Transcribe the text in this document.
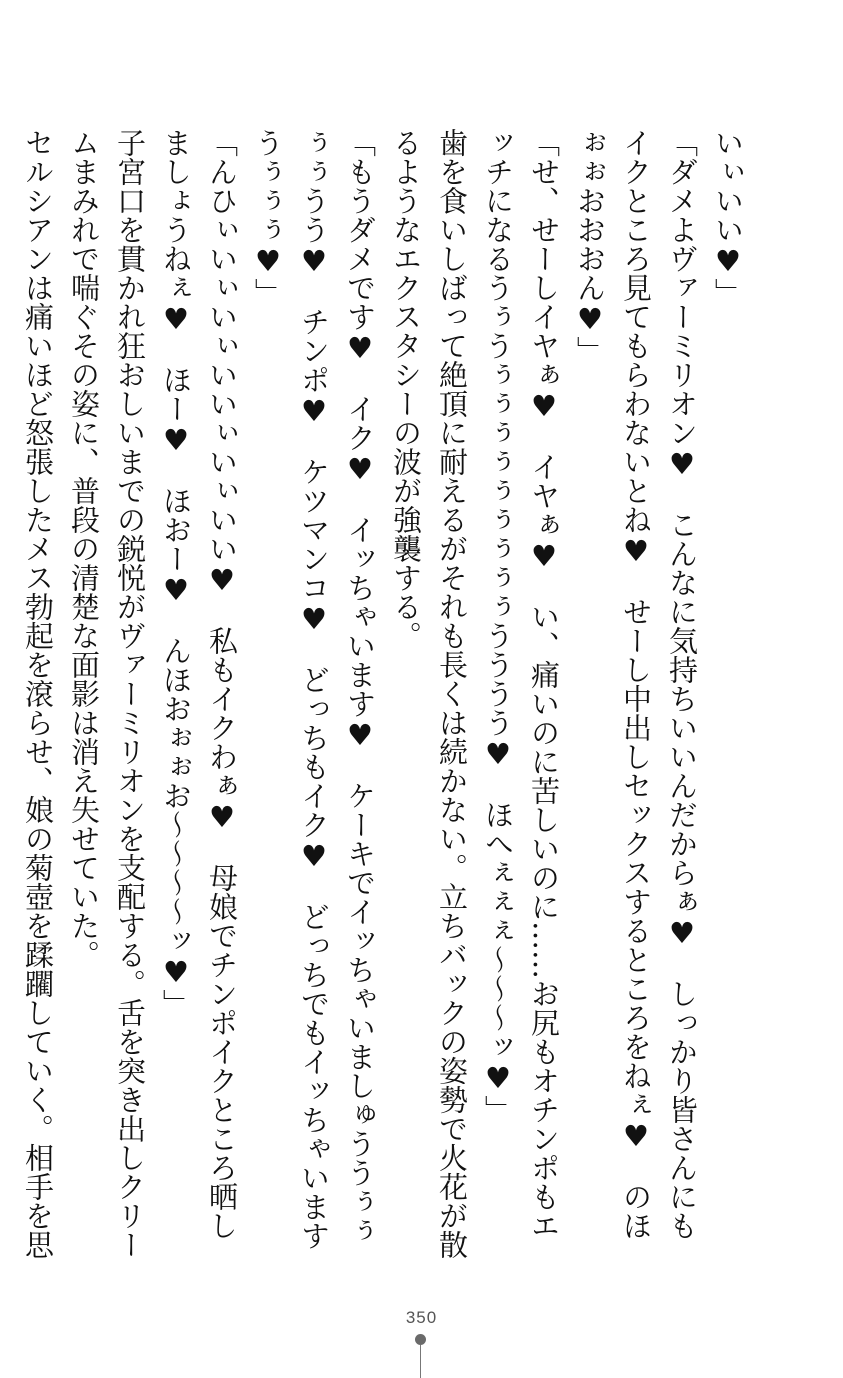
いぃいい♥」

「ダメよヴァーミリオン♥　こんなに気持ちいいんだからぁ♥　しっかり皆さんにもイクところ見てもらわないとね♥　せーし中出しセックスするところをねぇ♥　のほぉぉおおおん♥」

「せ、せーしイヤぁ♥　イヤぁ♥　い、痛いのに苦しいのに……お尻もオチンポもエッチになるうぅうぅぅぅぅぅぅぅぅぅうううう♥　ほへぇぇぇ～～～ッ♥」

歯を食いしばって絶頂に耐えるがそれも長くは続かない。立ちバックの姿勢で火花が散るようなエクスタシーの波が強襲する。

「もうダメです♥　イク♥　イッちゃいます♥　ケーキでイッちゃいましゅううぅぅぅぅうう♥　チンポ♥　ケツマンコ♥　どっちもイク♥　どっちでもイッちゃいますうぅぅぅ♥」

「んひぃいぃいぃいいぃいぃいい♥　私もイクわぁ♥　母娘でチンポイクところ晒しましょうねぇ♥　ほー♥　ほおー♥　んほおぉぉお～～～～ッ♥」

子宮口を貫かれ狂おしいまでの鋭悦がヴァーミリオンを支配する。舌を突き出しクリームまみれで喘ぐその姿に、普段の清楚な面影は消え失せていた。

セルシアンは痛いほど怒張したメス勃起を滾らせ、娘の菊壺を蹂躙していく。相手を思

350
